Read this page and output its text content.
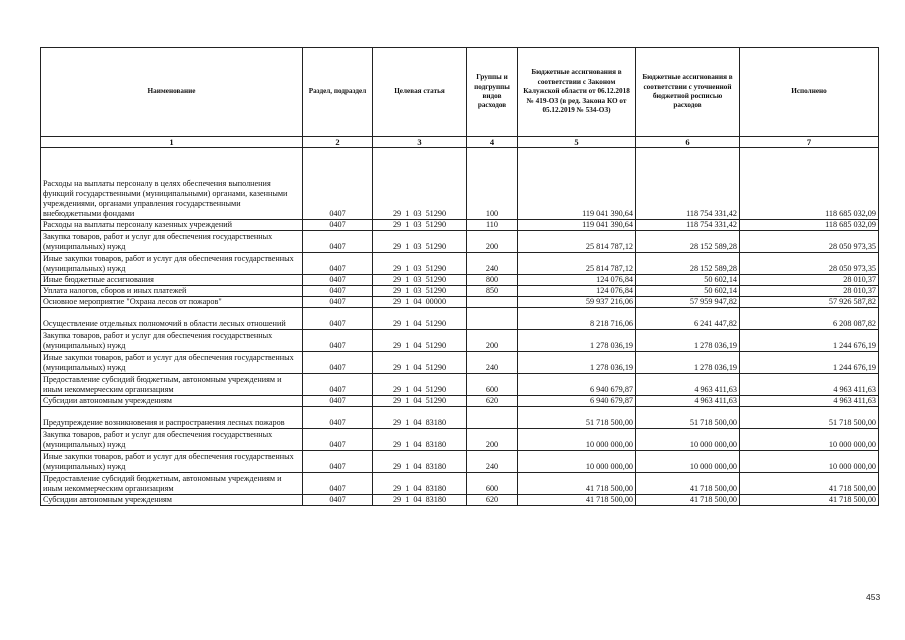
Наименование	Раздел, подраздел	Целевая статья	Группы и подгруппы видов расходов	Бюджетные ассигнования в соответствии с Законом Калужской области от 06.12.2018 № 419-ОЗ (в ред. Закона КО от 05.12.2019 № 534-ОЗ)	Бюджетные ассигнования в соответствии с уточненной бюджетной росписью расходов	Исполнено
1	2	3	4	5	6	7
Расходы на выплаты персоналу в целях обеспечения выполнения функций государственными (муниципальными) органами, казенными учреждениями, органами управления государственными внебюджетными фондами	0407	29 1 03 51290	100	119 041 390,64	118 754 331,42	118 685 032,09
Расходы на выплаты персоналу казенных учреждений	0407	29 1 03 51290	110	119 041 390,64	118 754 331,42	118 685 032,09
Закупка товаров, работ и услуг для обеспечения государственных (муниципальных) нужд	0407	29 1 03 51290	200	25 814 787,12	28 152 589,28	28 050 973,35
Иные закупки товаров, работ и услуг для обеспечения государственных (муниципальных) нужд	0407	29 1 03 51290	240	25 814 787,12	28 152 589,28	28 050 973,35
Иные бюджетные ассигнования	0407	29 1 03 51290	800	124 076,84	50 602,14	28 010,37
Уплата налогов, сборов и иных платежей	0407	29 1 03 51290	850	124 076,84	50 602,14	28 010,37
Основное мероприятие "Охрана лесов от пожаров"	0407	29 1 04 00000		59 937 216,06	57 959 947,82	57 926 587,82
Осуществление отдельных полномочий в области лесных отношений	0407	29 1 04 51290		8 218 716,06	6 241 447,82	6 208 087,82
Закупка товаров, работ и услуг для обеспечения государственных (муниципальных) нужд	0407	29 1 04 51290	200	1 278 036,19	1 278 036,19	1 244 676,19
Иные закупки товаров, работ и услуг для обеспечения государственных (муниципальных) нужд	0407	29 1 04 51290	240	1 278 036,19	1 278 036,19	1 244 676,19
Предоставление субсидий бюджетным, автономным учреждениям и иным некоммерческим организациям	0407	29 1 04 51290	600	6 940 679,87	4 963 411,63	4 963 411,63
Субсидии автономным учреждениям	0407	29 1 04 51290	620	6 940 679,87	4 963 411,63	4 963 411,63
Предупреждение возникновения и распространения лесных пожаров	0407	29 1 04 83180		51 718 500,00	51 718 500,00	51 718 500,00
Закупка товаров, работ и услуг для обеспечения государственных (муниципальных) нужд	0407	29 1 04 83180	200	10 000 000,00	10 000 000,00	10 000 000,00
Иные закупки товаров, работ и услуг для обеспечения государственных (муниципальных) нужд	0407	29 1 04 83180	240	10 000 000,00	10 000 000,00	10 000 000,00
Предоставление субсидий бюджетным, автономным учреждениям и иным некоммерческим организациям	0407	29 1 04 83180	600	41 718 500,00	41 718 500,00	41 718 500,00
Субсидии автономным учреждениям	0407	29 1 04 83180	620	41 718 500,00	41 718 500,00	41 718 500,00
453
